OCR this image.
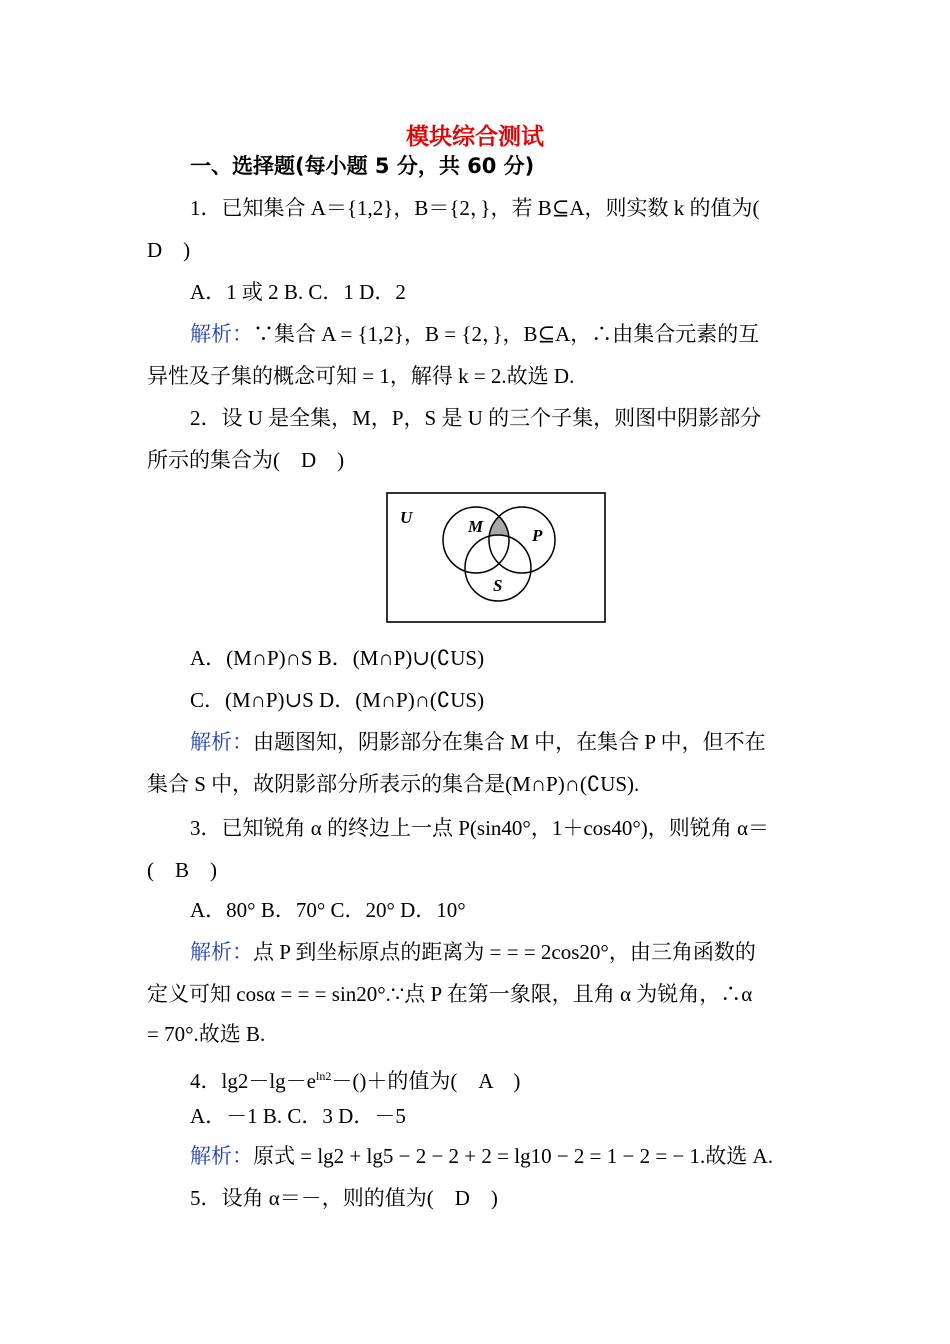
模块综合测试
一、选择题(每小题 5 分，共 60 分)
1．已知集合 A＝{1,2}，B＝{2，}，若 B⊆A，则实数 k 的值为(
D　)
A．1 或 2 B. C．1 D．2
解析：∵集合 A = {1,2}，B = {2，}，B⊆A，∴由集合元素的互
异性及子集的概念可知 = 1，解得 k = 2.故选 D.
2．设 U 是全集，M，P，S 是 U 的三个子集，则图中阴影部分
所示的集合为(　D　)
U	M	P
S
A．(M∩P)∩S B．(M∩P)∪(∁US)
C．(M∩P)∪S D．(M∩P)∩(∁US)
解析：由题图知，阴影部分在集合 M 中，在集合 P 中，但不在
集合 S 中，故阴影部分所表示的集合是(M∩P)∩(∁US).
3．已知锐角 α 的终边上一点 P(sin40°，1＋cos40°)，则锐角 α＝
(　B　)
A．80° B．70° C．20° D．10°
解析：点 P 到坐标原点的距离为 = = = 2cos20°，由三角函数的
定义可知 cosα = = = sin20°.∵点 P 在第一象限，且角 α 为锐角，∴α
= 70°.故选 B.
4．$\lg 2-\lg-e^{ln2}-()+$的值为(　A　)
A．－1 B. C．3 D．－5
解析：原式 = lg2 + lg5 − 2 − 2 + 2 = lg10 − 2 = 1 − 2 = − 1.故选 A.
5．设角 α＝－，则的值为(　D　)
